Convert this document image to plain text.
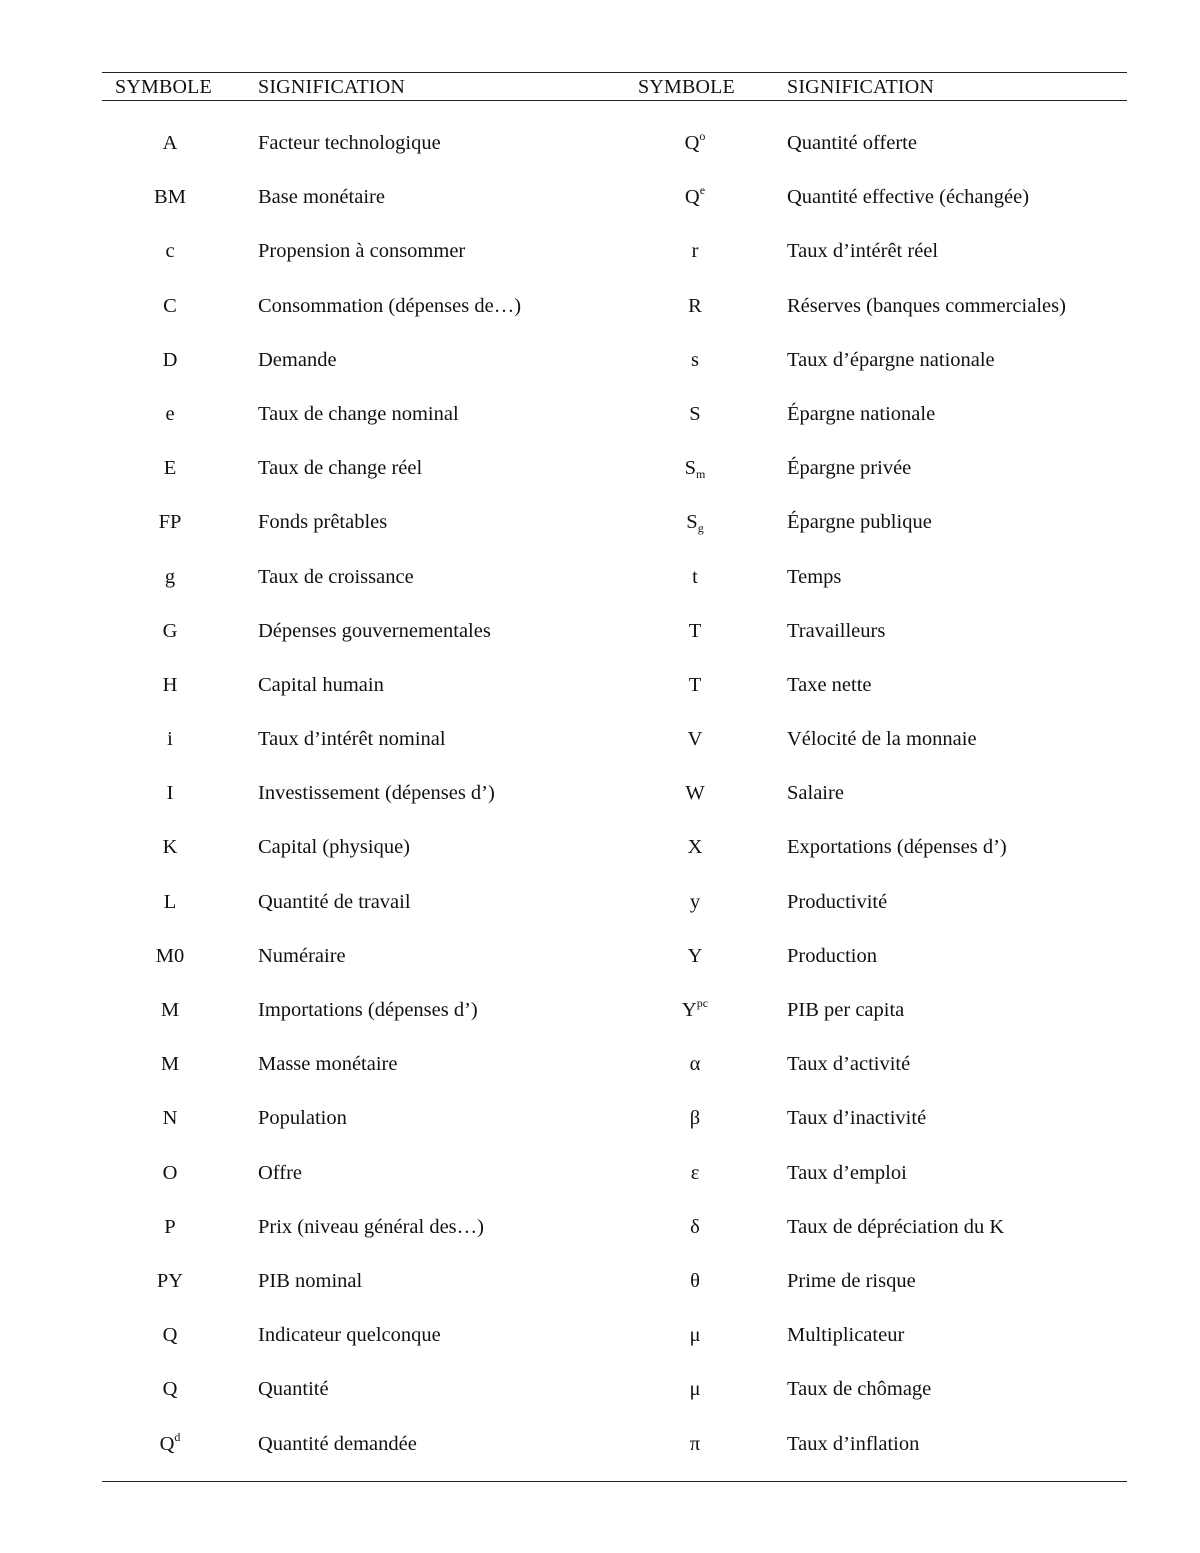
SYMBOLE SIGNIFICATION	SYMBOLE	SIGNIFICATION
A	Facteur technologique	$Q^o$	Quantité offerte
BM	Base monétaire	$Q^e$	Quantité effective (échangée)
c	Propension à consommer	r	Taux d’intérêt réel
C	Consommation (dépenses de…)	R	Réserves (banques commerciales)
D	Demande	s	Taux d’épargne nationale
e	Taux de change nominal	S	Épargne nationale
E	Taux de change réel	$S_m$	Épargne privée
FP	Fonds prêtables	$S_g$	Épargne publique
g	Taux de croissance	t	Temps
G	Dépenses gouvernementales	T	Travailleurs
H	Capital humain	T	Taxe nette
i	Taux d’intérêt nominal	V	Vélocité de la monnaie
I	Investissement (dépenses d’)	W	Salaire
K	Capital (physique)	X	Exportations (dépenses d’)
L	Quantité de travail	y	Productivité
M0	Numéraire	Y	Production
M	Importations (dépenses d’)	$Y^{pc}$	PIB per capita
M	Masse monétaire	α	Taux d’activité
N	Population	β	Taux d’inactivité
O	Offre	ε	Taux d’emploi
P	Prix (niveau général des…)	δ	Taux de dépréciation du K
PY	PIB nominal	θ	Prime de risque
Q	Indicateur quelconque	μ	Multiplicateur
Q	Quantité	μ	Taux de chômage
$Q^d$	Quantité demandée	π	Taux d’inflation
